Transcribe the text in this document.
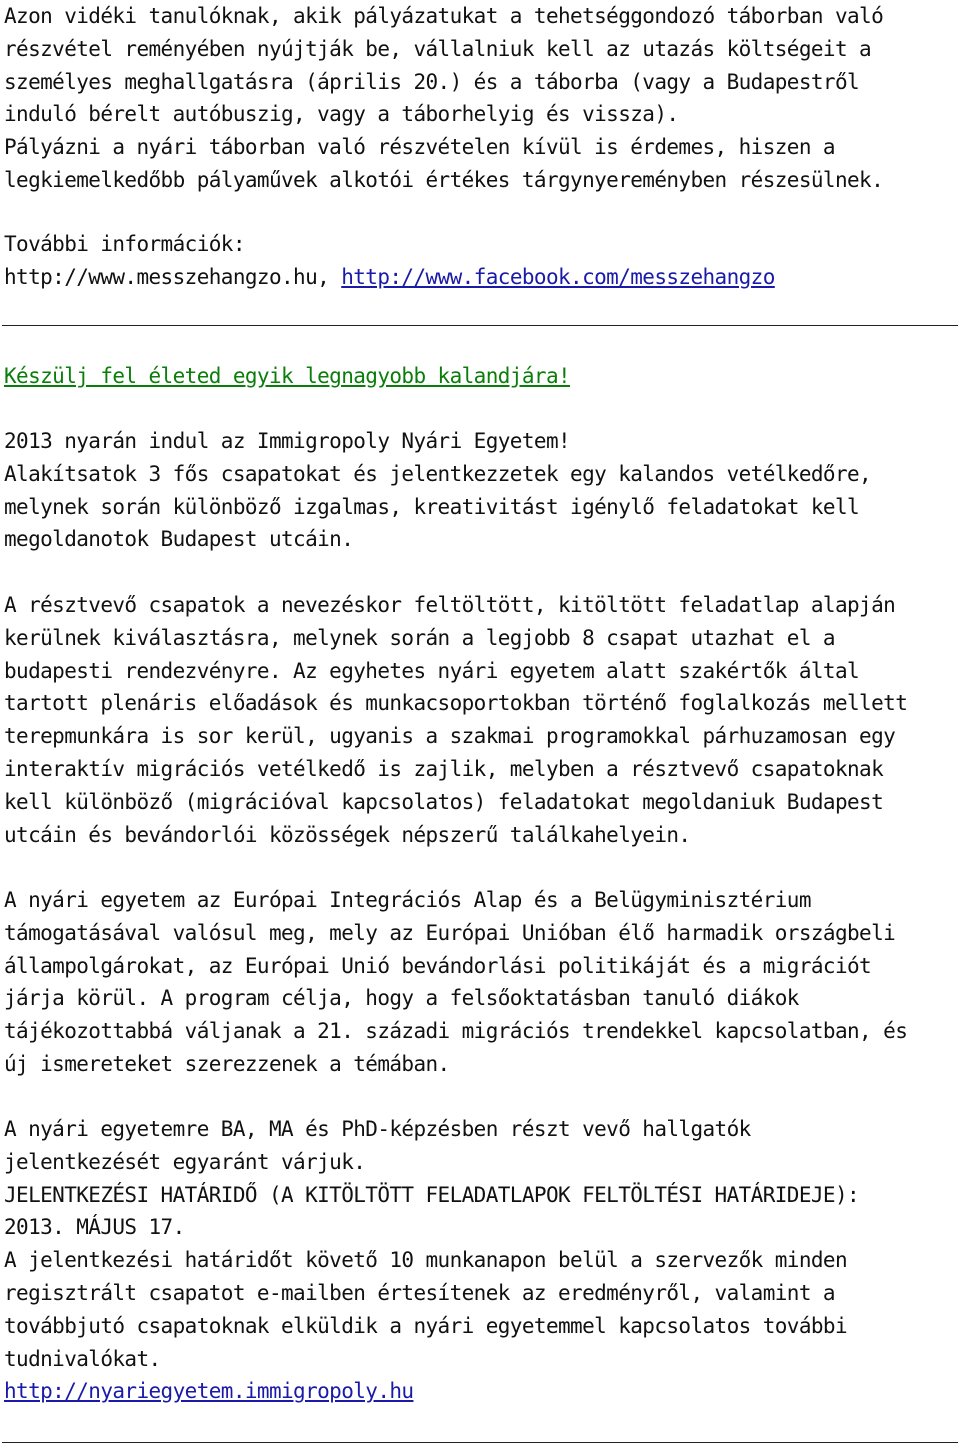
Azon vidéki tanulóknak, akik pályázatukat a tehetséggondozó táborban való
részvétel reményében nyújtják be, vállalniuk kell az utazás költségeit a
személyes meghallgatásra (április 20.) és a táborba (vagy a Budapestről
induló bérelt autóbuszig, vagy a táborhelyig és vissza).
Pályázni a nyári táborban való részvételen kívül is érdemes, hiszen a
legkiemelkedőbb pályaművek alkotói értékes tárgynyereményben részesülnek.
További információk:
http://www.messzehangzo.hu, http://www.facebook.com/messzehangzo
Készülj fel életed egyik legnagyobb kalandjára!
2013 nyarán indul az Immigropoly Nyári Egyetem!
Alakítsatok 3 fős csapatokat és jelentkezzetek egy kalandos vetélkedőre,
melynek során különböző izgalmas, kreativitást igénylő feladatokat kell
megoldanotok Budapest utcáin.
A résztvevő csapatok a nevezéskor feltöltött, kitöltött feladatlap alapján
kerülnek kiválasztásra, melynek során a legjobb 8 csapat utazhat el a
budapesti rendezvényre. Az egyhetes nyári egyetem alatt szakértők által
tartott plenáris előadások és munkacsoportokban történő foglalkozás mellett
terepmunkára is sor kerül, ugyanis a szakmai programokkal párhuzamosan egy
interaktív migrációs vetélkedő is zajlik, melyben a résztvevő csapatoknak
kell különböző (migrációval kapcsolatos) feladatokat megoldaniuk Budapest
utcáin és bevándorlói közösségek népszerű találkahelyein.
A nyári egyetem az Európai Integrációs Alap és a Belügyminisztérium
támogatásával valósul meg, mely az Európai Unióban élő harmadik országbeli
állampolgárokat, az Európai Unió bevándorlási politikáját és a migrációt
járja körül. A program célja, hogy a felsőoktatásban tanuló diákok
tájékozottabbá váljanak a 21. századi migrációs trendekkel kapcsolatban, és
új ismereteket szerezzenek a témában.
A nyári egyetemre BA, MA és PhD-képzésben részt vevő hallgatók
jelentkezését egyaránt várjuk.
JELENTKEZÉSI HATÁRIDŐ (A KITÖLTÖTT FELADATLAPOK FELTÖLTÉSI HATÁRIDEJE):
2013. MÁJUS 17.
A jelentkezési határidőt követő 10 munkanapon belül a szervezők minden
regisztrált csapatot e-mailben értesítenek az eredményről, valamint a
továbbjutó csapatoknak elküldik a nyári egyetemmel kapcsolatos további
tudnivalókat.
http://nyariegyetem.immigropoly.hu
